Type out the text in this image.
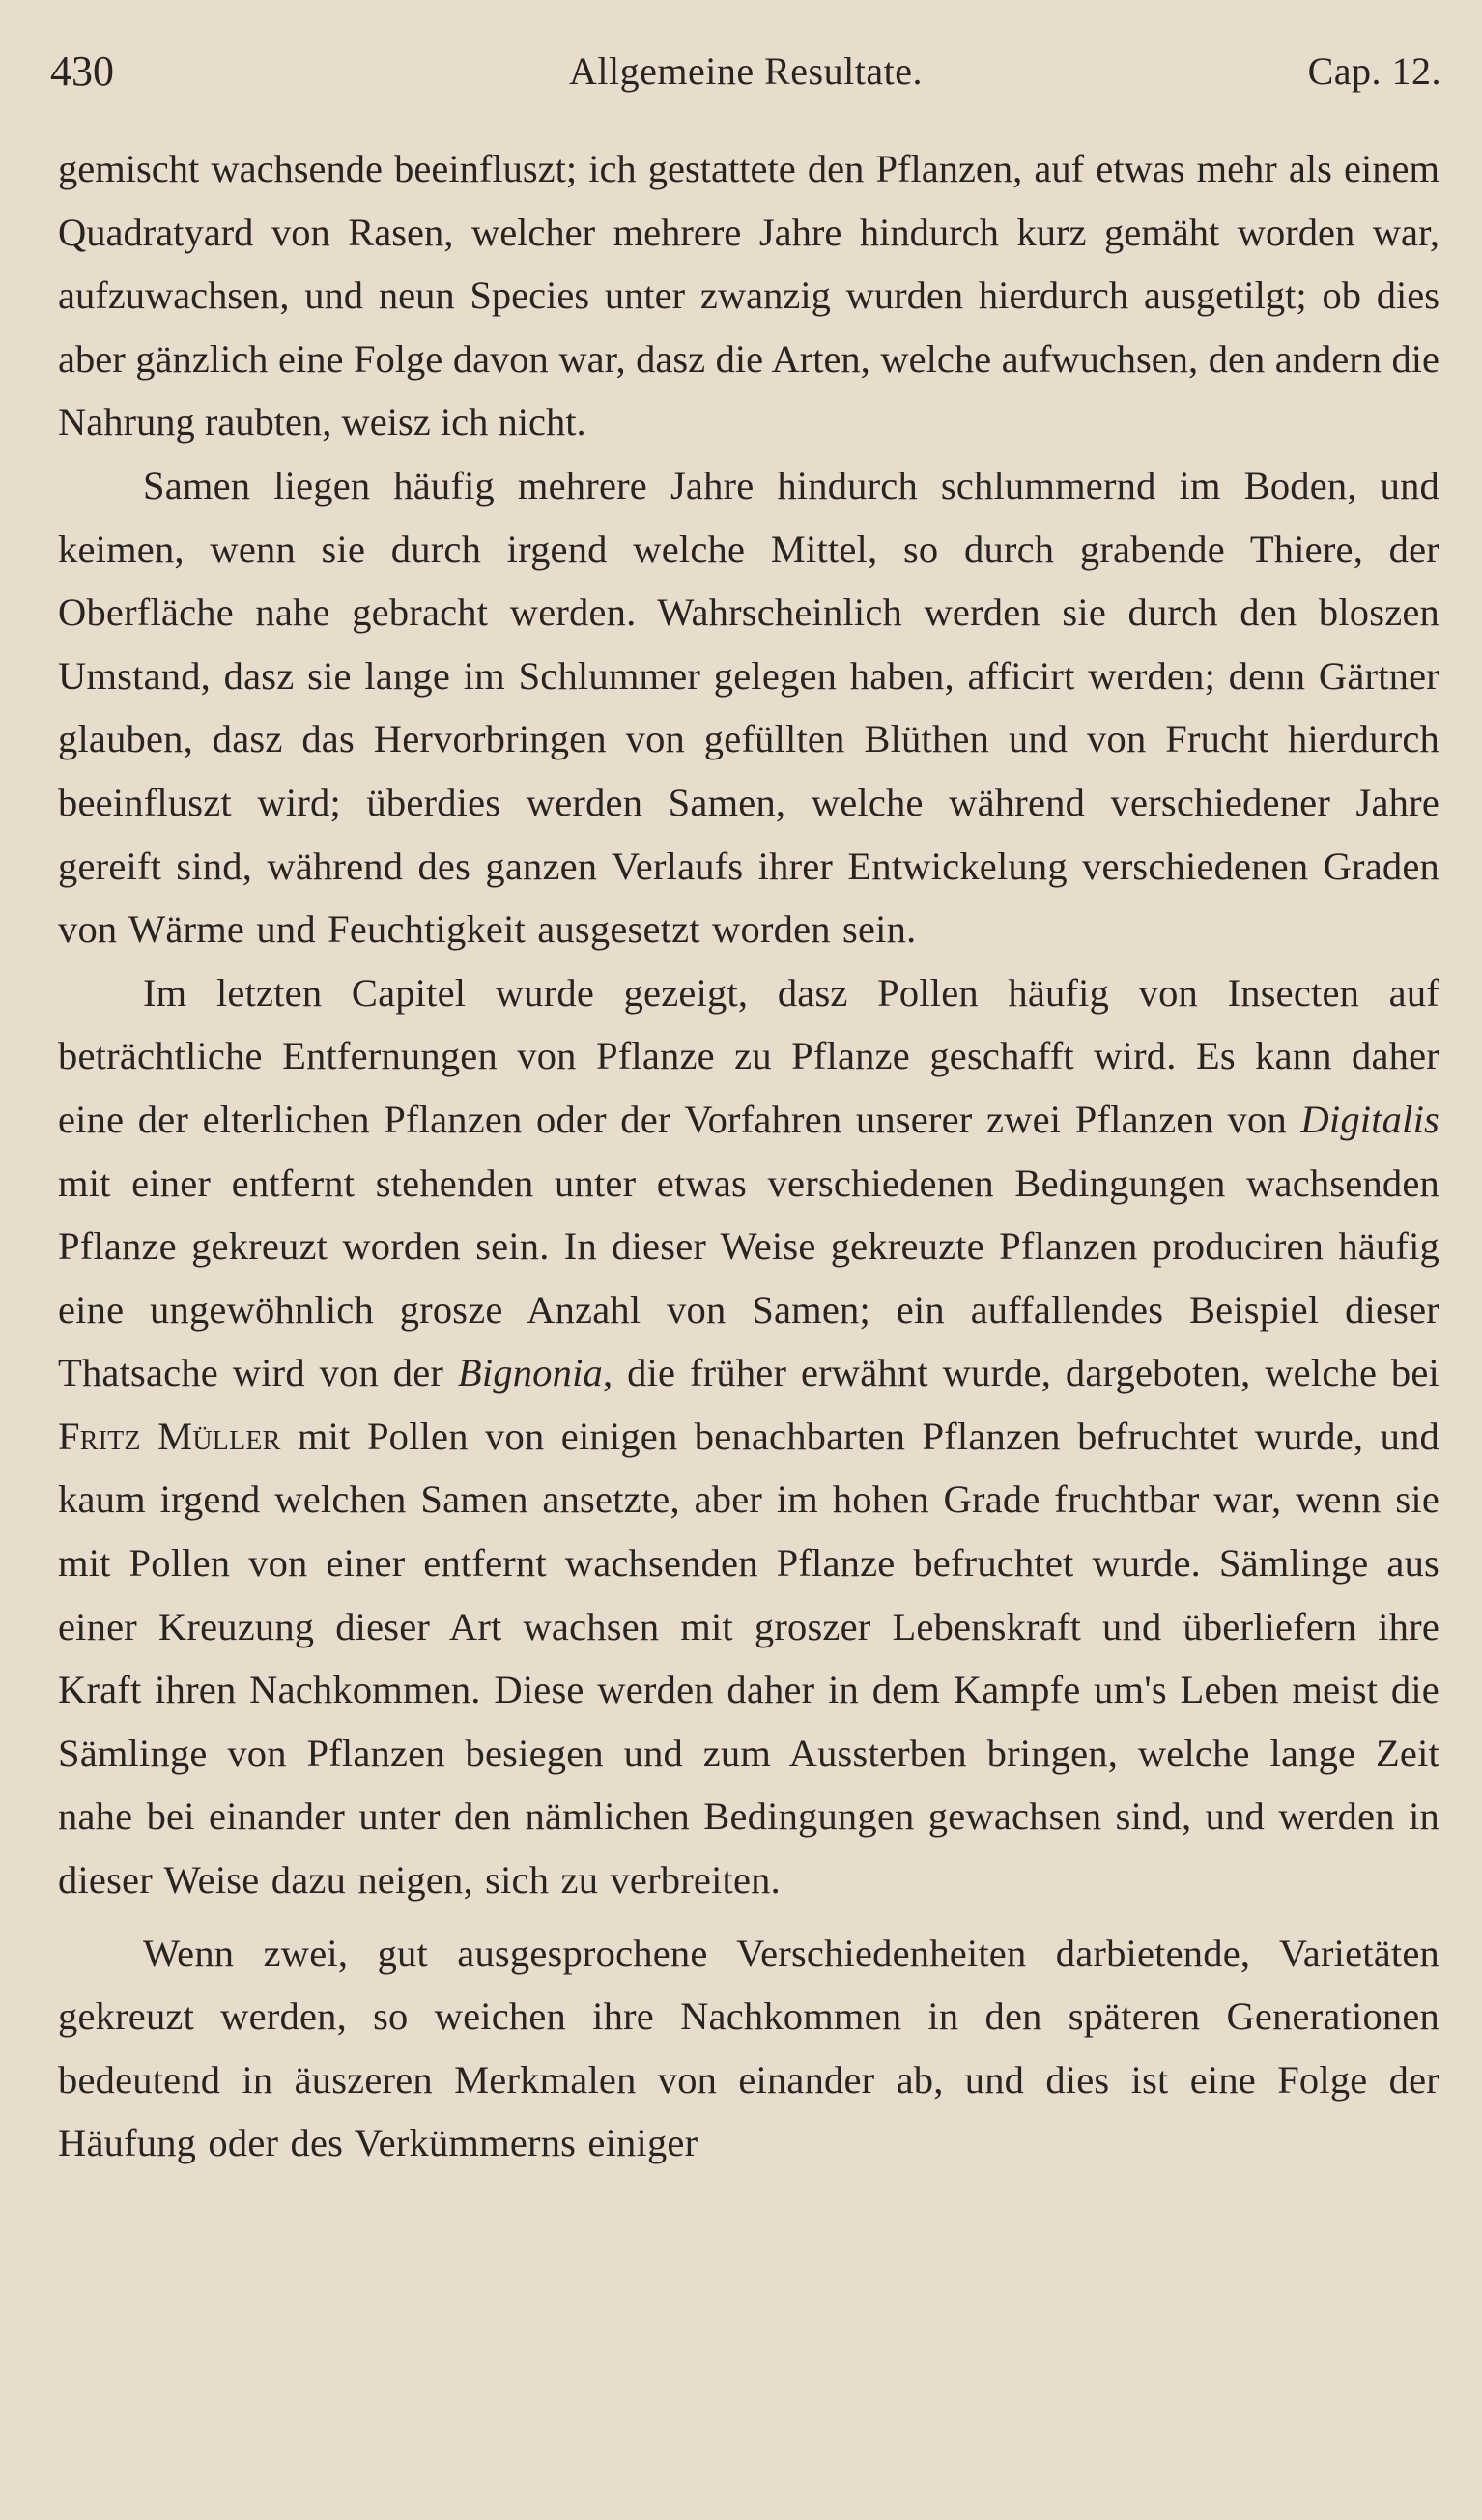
430	Allgemeine Resultate.	Cap. 12.

gemischt wachsende beeinfluszt; ich gestattete den Pflanzen, auf etwas mehr als einem Quadratyard von Rasen, welcher mehrere Jahre hindurch kurz gemäht worden war, aufzuwachsen, und neun Species unter zwanzig wurden hierdurch ausgetilgt; ob dies aber gänzlich eine Folge davon war, dasz die Arten, welche aufwuchsen, den andern die Nahrung raubten, weisz ich nicht.

Samen liegen häufig mehrere Jahre hindurch schlummernd im Boden, und keimen, wenn sie durch irgend welche Mittel, so durch grabende Thiere, der Oberfläche nahe gebracht werden. Wahrscheinlich werden sie durch den bloszen Umstand, dasz sie lange im Schlummer gelegen haben, afficirt werden; denn Gärtner glauben, dasz das Hervorbringen von gefüllten Blüthen und von Frucht hierdurch beeinfluszt wird; überdies werden Samen, welche während verschiedener Jahre gereift sind, während des ganzen Verlaufs ihrer Entwickelung verschiedenen Graden von Wärme und Feuchtigkeit ausgesetzt worden sein.

Im letzten Capitel wurde gezeigt, dasz Pollen häufig von Insecten auf beträchtliche Entfernungen von Pflanze zu Pflanze geschafft wird. Es kann daher eine der elterlichen Pflanzen oder der Vorfahren unserer zwei Pflanzen von Digitalis mit einer entfernt stehenden unter etwas verschiedenen Bedingungen wachsenden Pflanze gekreuzt worden sein. In dieser Weise gekreuzte Pflanzen produciren häufig eine ungewöhnlich grosze Anzahl von Samen; ein auffallendes Beispiel dieser Thatsache wird von der Bignonia, die früher erwähnt wurde, dargeboten, welche bei Fritz Müller mit Pollen von einigen benachbarten Pflanzen befruchtet wurde, und kaum irgend welchen Samen ansetzte, aber im hohen Grade fruchtbar war, wenn sie mit Pollen von einer entfernt wachsenden Pflanze befruchtet wurde. Sämlinge aus einer Kreuzung dieser Art wachsen mit groszer Lebenskraft und überliefern ihre Kraft ihren Nachkommen. Diese werden daher in dem Kampfe um's Leben meist die Sämlinge von Pflanzen besiegen und zum Aussterben bringen, welche lange Zeit nahe bei einander unter den nämlichen Bedingungen gewachsen sind, und werden in dieser Weise dazu neigen, sich zu verbreiten.

Wenn zwei, gut ausgesprochene Verschiedenheiten darbietende, Varietäten gekreuzt werden, so weichen ihre Nachkommen in den späteren Generationen bedeutend in äuszeren Merkmalen von einander ab, und dies ist eine Folge der Häufung oder des Verkümmerns einiger
